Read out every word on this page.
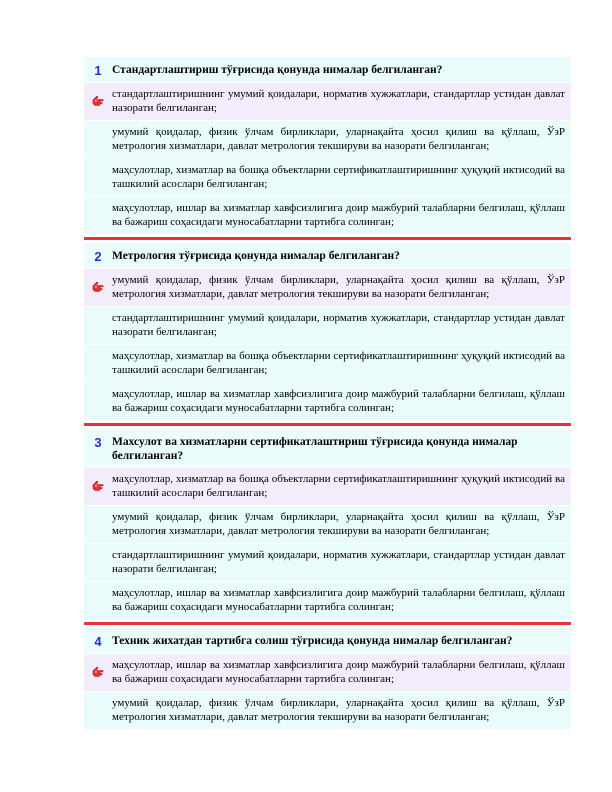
1 Стандартлаштириш тўғрисида қонунда нималар белгиланган?
стандартлаштиришнинг умумий қоидалари, норматив хужжатлари, стандартлар устидан давлат назорати белгиланган;
умумий қоидалар, физик ўлчам бирликлари, уларнақайта ҳосил қилиш ва қўллаш, ЎзР метрология хизматлари, давлат метрология текшируви ва назорати белгиланган;
маҳсулотлар, хизматлар ва бошқа объектларни сертификатлаштиришнинг ҳуқуқий иктисодий ва ташкилий асослари белгиланган;
маҳсулотлар, ишлар ва хизматлар хавфсизлигига доир мажбурий талабларни белгилаш, қўллаш ва бажариш соҳасидаги муносабатларни тартибга солинган;
2 Метрология тўғрисида қонунда нималар белгиланган?
умумий қоидалар, физик ўлчам бирликлари, уларнақайта ҳосил қилиш ва қўллаш, ЎзР метрология хизматлари, давлат метрология текшируви ва назорати белгиланган;
стандартлаштиришнинг умумий қоидалари, норматив хужжатлари, стандартлар устидан давлат назорати белгиланган;
маҳсулотлар, хизматлар ва бошқа объектларни сертификатлаштиришнинг ҳуқуқий иктисодий ва ташкилий асослари белгиланган;
маҳсулотлар, ишлар ва хизматлар хавфсизлигига доир мажбурий талабларни белгилаш, қўллаш ва бажариш соҳасидаги муносабатларни тартибга солинган;
3 Махсулот ва хизматларни сертификатлаштириш тўғрисида қонунда нималар белгиланган?
маҳсулотлар, хизматлар ва бошқа объектларни сертификатлаштиришнинг ҳуқуқий иктисодий ва ташкилий асослари белгиланган;
умумий қоидалар, физик ўлчам бирликлари, уларнақайта ҳосил қилиш ва қўллаш, ЎзР метрология хизматлари, давлат метрология текшируви ва назорати белгиланган;
стандартлаштиришнинг умумий қоидалари, норматив хужжатлари, стандартлар устидан давлат назорати белгиланган;
маҳсулотлар, ишлар ва хизматлар хавфсизлигига доир мажбурий талабларни белгилаш, қўллаш ва бажариш соҳасидаги муносабатларни тартибга солинган;
4 Техник жихатдан тартибга солиш тўғрисида қонунда нималар белгиланган?
маҳсулотлар, ишлар ва хизматлар хавфсизлигига доир мажбурий талабларни белгилаш, қўллаш ва бажариш соҳасидаги муносабатларни тартибга солинган;
умумий қоидалар, физик ўлчам бирликлари, уларнақайта ҳосил қилиш ва қўллаш, ЎзР метрология хизматлари, давлат метрология текшируви ва назорати белгиланган;
